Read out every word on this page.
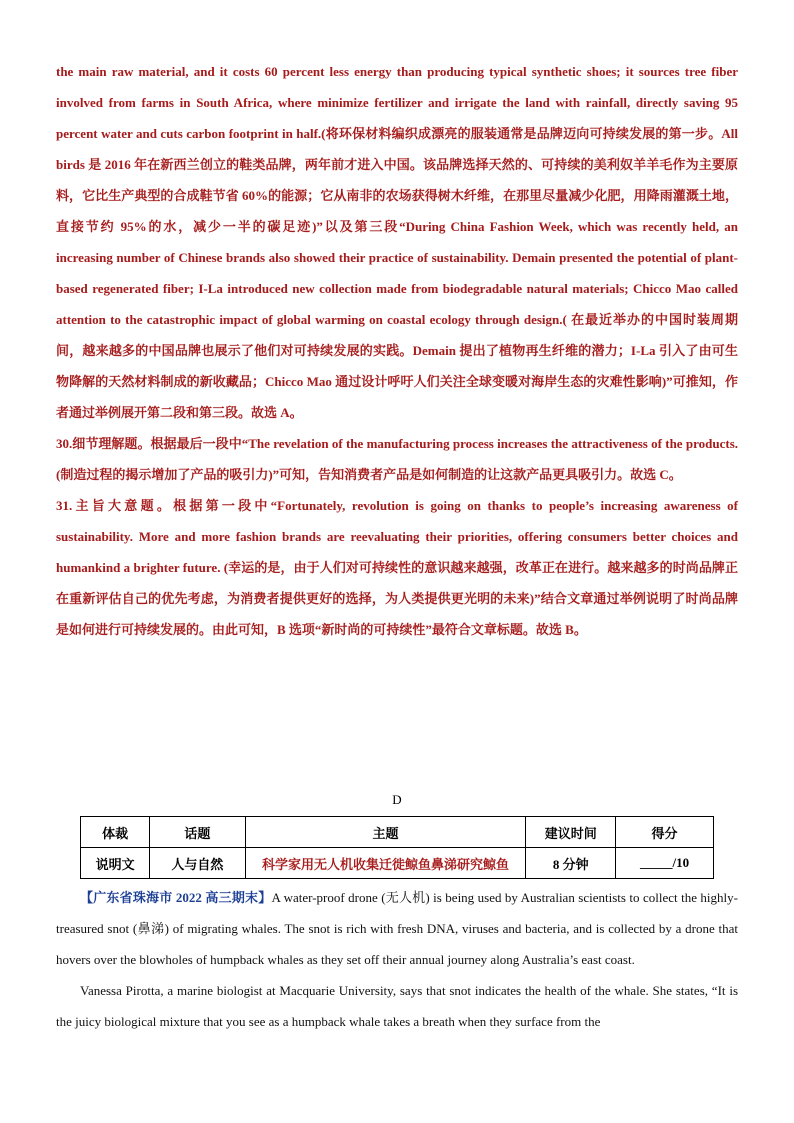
the main raw material, and it costs 60 percent less energy than producing typical synthetic shoes; it sources tree fiber involved from farms in South Africa, where minimize fertilizer and irrigate the land with rainfall, directly saving 95 percent water and cuts carbon footprint in half.(将环保材料编织成漂亮的服装通常是品牌迈向可持续发展的第一步。All birds 是 2016 年在新西兰创立的鞋类品牌，两年前才进入中国。该品牌选择天然的、可持续的美利奴羊羊毛作为主要原料，它比生产典型的合成鞋节省 60%的能源；它从南非的农场获得树木纤维，在那里尽量减少化肥，用降雨灌溉土地，直接节约 95%的水，减少一半的碳足迹)”以及第三段“During China Fashion Week, which was recently held, an increasing number of Chinese brands also showed their practice of sustainability. Demain presented the potential of plant-based regenerated fiber; I-La introduced new collection made from biodegradable natural materials; Chicco Mao called attention to the catastrophic impact of global warming on coastal ecology through design.( 在最近举办的中国时装周期间，越来越多的中国品牌也展示了他们对可持续发展的实践。Demain 提出了植物再生纤维的潜力；I-La 引入了由可生物降解的天然材料制成的新收藏品；Chicco Mao 通过设计呼吁人们关注全球变暖对海岸生态的灾难性影响)”可推知，作者通过举例展开第二段和第三段。故选 A。

30.细节理解题。根据最后一段中“The revelation of the manufacturing process increases the attractiveness of the products. (制造过程的揭示增加了产品的吸引力)”可知，告知消费者产品是如何制造的让这款产品更具吸引力。故选 C。

31.主旨大意题。根据第一段中“Fortunately, revolution is going on thanks to people’s increasing awareness of sustainability. More and more fashion brands are reevaluating their priorities, offering consumers better choices and humankind a brighter future. (幸运的是，由于人们对可持续性的意识越来越强，改革正在进行。越来越多的时尚品牌正在重新评估自己的优先考虑，为消费者提供更好的选择，为人类提供更光明的未来)”结合文章通过举例说明了时尚品牌是如何进行可持续发展的。由此可知，B 选项“新时尚的可持续性”最符合文章标题。故选 B。

D
体裁	话题	主题	建议时间	得分
说明文	人与自然	科学家用无人机收集迁徙鲸鱼鼻涕研究鲸鱼	8 分钟	_____/10

【广东省珠海市 2022 高三期末】A water-proof drone (无人机) is being used by Australian scientists to collect the highly-treasured snot (鼻涕) of migrating whales. The snot is rich with fresh DNA, viruses and bacteria, and is collected by a drone that hovers over the blowholes of humpback whales as they set off their annual journey along Australia’s east coast.

Vanessa Pirotta, a marine biologist at Macquarie University, says that snot indicates the health of the whale. She states, “It is the juicy biological mixture that you see as a humpback whale takes a breath when they surface from the
